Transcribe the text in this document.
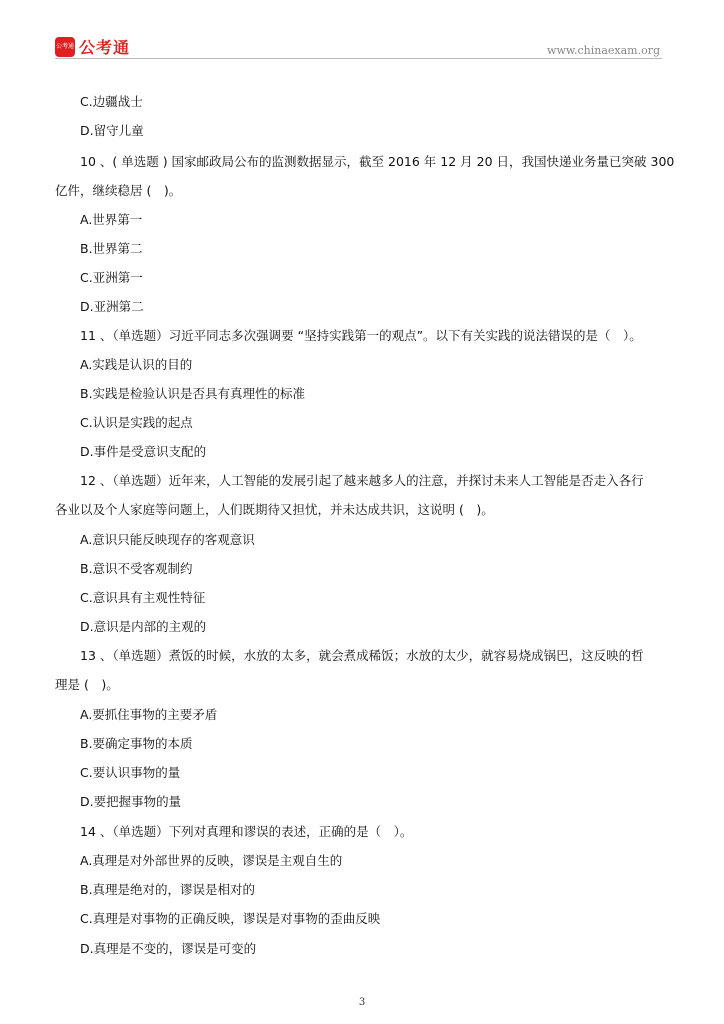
公考通 公考通	www.chinaexam.org
C.边疆战士
D.留守儿童
10 、( 单选题 ) 国家邮政局公布的监测数据显示，截至 2016 年 12 月 20 日，我国快递业务量已突破 300
亿件，继续稳居 (　)。
A.世界第一
B.世界第二
C.亚洲第一
D.亚洲第二
11 、（单选题）习近平同志多次强调要 “坚持实践第一的观点”。以下有关实践的说法错误的是（　）。
A.实践是认识的目的
B.实践是检验认识是否具有真理性的标准
C.认识是实践的起点
D.事件是受意识支配的
12 、（单选题）近年来，人工智能的发展引起了越来越多人的注意，并探讨未来人工智能是否走入各行
各业以及个人家庭等问题上，人们既期待又担忧，并未达成共识，这说明 (　)。
A.意识只能反映现存的客观意识
B.意识不受客观制约
C.意识具有主观性特征
D.意识是内部的主观的
13 、（单选题）煮饭的时候，水放的太多，就会煮成稀饭；水放的太少，就容易烧成锅巴，这反映的哲
理是 (　)。
A.要抓住事物的主要矛盾
B.要确定事物的本质
C.要认识事物的量
D.要把握事物的量
14 、（单选题）下列对真理和谬误的表述，正确的是（　）。
A.真理是对外部世界的反映，谬误是主观自生的
B.真理是绝对的，谬误是相对的
C.真理是对事物的正确反映，谬误是对事物的歪曲反映
D.真理是不变的，谬误是可变的
3
